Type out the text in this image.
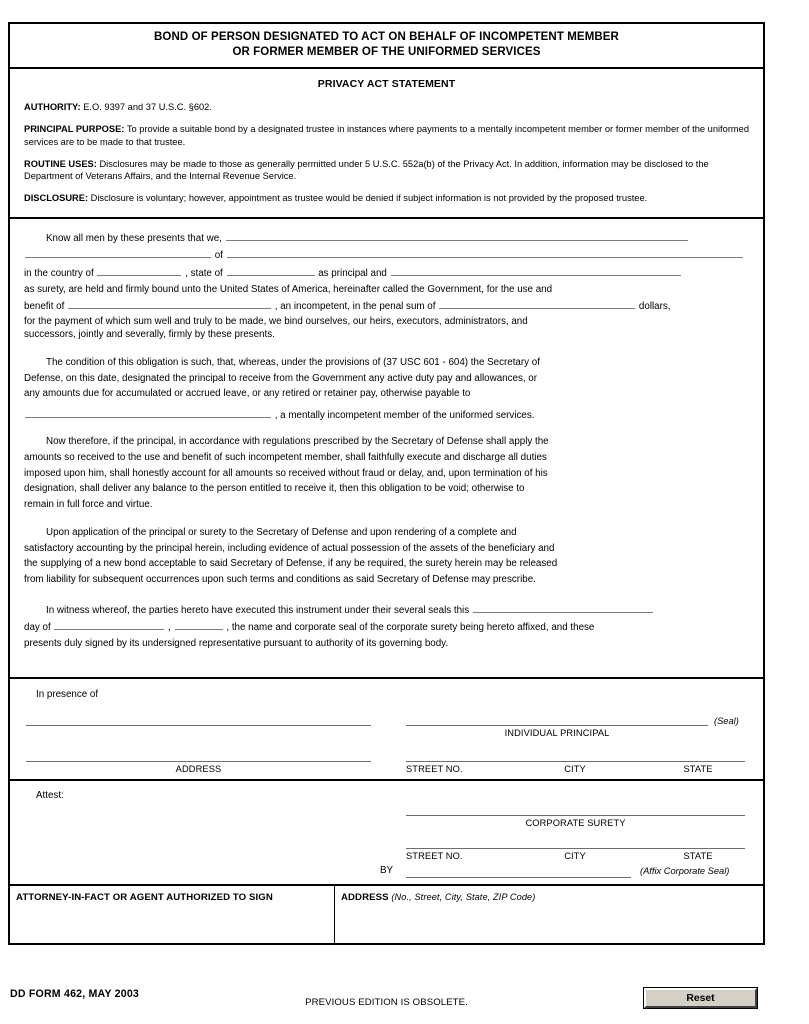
BOND OF PERSON DESIGNATED TO ACT ON BEHALF OF INCOMPETENT MEMBER
OR FORMER MEMBER OF THE UNIFORMED SERVICES
PRIVACY ACT STATEMENT
AUTHORITY: E.O. 9397 and 37 U.S.C. §602.
PRINCIPAL PURPOSE: To provide a suitable bond by a designated trustee in instances where payments to a mentally incompetent member or former member of the uniformed services are to be made to that trustee.
ROUTINE USES: Disclosures may be made to those as generally permitted under 5 U.S.C. 552a(b) of the Privacy Act. In addition, information may be disclosed to the Department of Veterans Affairs, and the Internal Revenue Service.
DISCLOSURE: Disclosure is voluntary; however, appointment as trustee would be denied if subject information is not provided by the proposed trustee.
Know all men by these presents that we,
of
in the country of	, state of	as principal and
as surety, are held and firmly bound unto the United States of America, hereinafter called the Government, for the use and
benefit of	, an incompetent, in the penal sum of	dollars,
for the payment of which sum well and truly to be made, we bind ourselves, our heirs, executors, administrators, and
successors, jointly and severally, firmly by these presents.
The condition of this obligation is such, that, whereas, under the provisions of (37 USC 601 - 604) the Secretary of
Defense, on this date, designated the principal to receive from the Government any active duty pay and allowances, or
any amounts due for accumulated or accrued leave, or any retired or retainer pay, otherwise payable to
, a mentally incompetent member of the uniformed services.
Now therefore, if the principal, in accordance with regulations prescribed by the Secretary of Defense shall apply the
amounts so received to the use and benefit of such incompetent member, shall faithfully execute and discharge all duties
imposed upon him, shall honestly account for all amounts so received without fraud or delay, and, upon termination of his
designation, shall deliver any balance to the person entitled to receive it, then this obligation to be void; otherwise to
remain in full force and virtue.
Upon application of the principal or surety to the Secretary of Defense and upon rendering of a complete and
satisfactory accounting by the principal herein, including evidence of actual possession of the assets of the beneficiary and
the supplying of a new bond acceptable to said Secretary of Defense, if any be required, the surety herein may be released
from liability for subsequent occurrences upon such terms and conditions as said Secretary of Defense may prescribe.
In witness whereof, the parties hereto have executed this instrument under their several seals this
day of	,	, the name and corporate seal of the corporate surety being hereto affixed, and these
presents duly signed by its undersigned representative pursuant to authority of its governing body.
In presence of
(Seal)
INDIVIDUAL PRINCIPAL
ADDRESS	STREET NO.	CITY	STATE
Attest:
CORPORATE SURETY
STREET NO.	CITY	STATE
BY	(Affix Corporate Seal)
ATTORNEY-IN-FACT OR AGENT AUTHORIZED TO SIGN	ADDRESS (No., Street, City, State, ZIP Code)
DD FORM 462, MAY 2003
PREVIOUS EDITION IS OBSOLETE.	Reset
